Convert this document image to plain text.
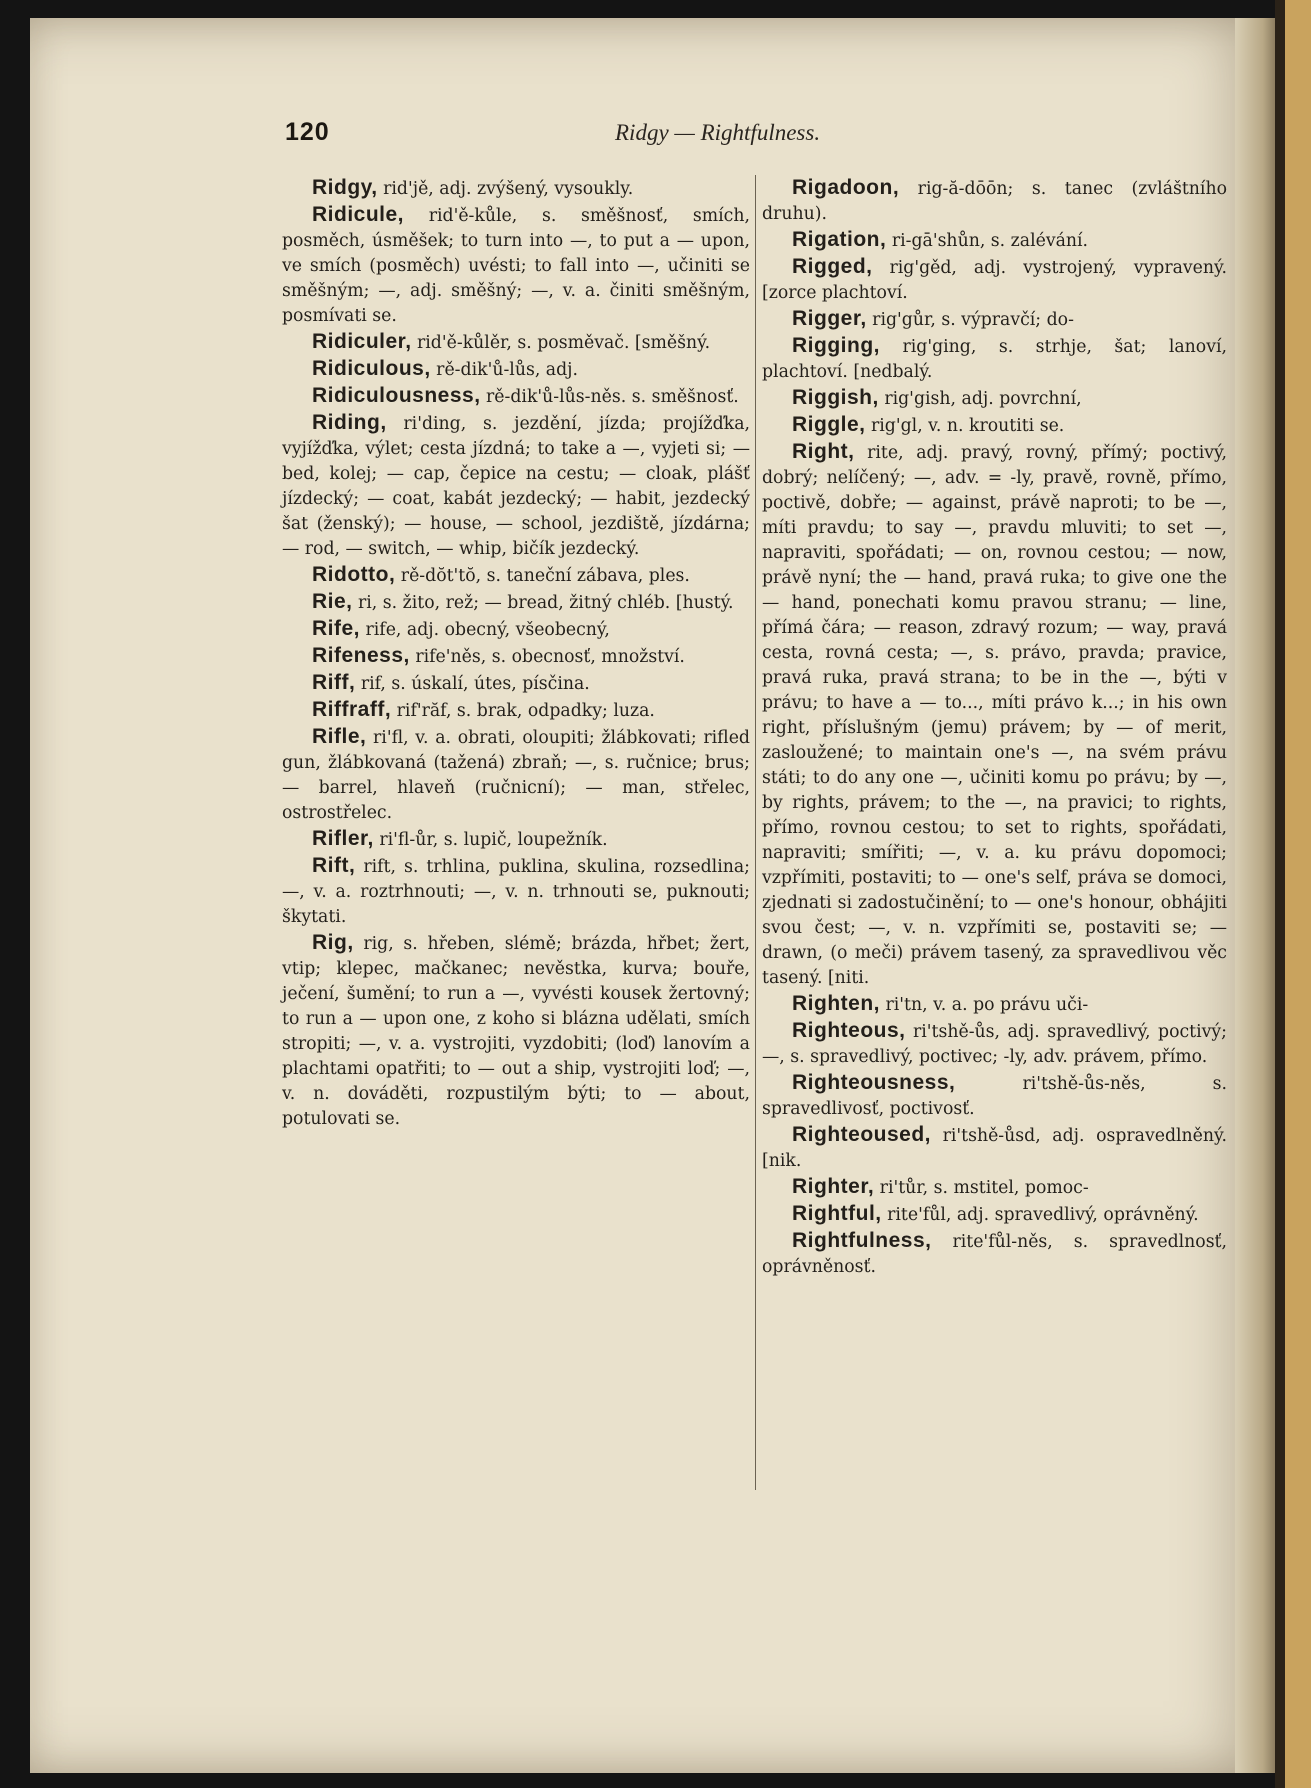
120	Ridgy — Rightfulness.

Ridgy, rid'jě, adj. zvýšený, vysoukly.

Ridicule, rid'ě-kůle, s. směšnosť, smích, posměch, úsměšek; to turn into —, to put a — upon, ve smích (posměch) uvésti; to fall into —, učiniti se směšným; —, adj. směšný; —, v. a. činiti směšným, posmívati se.

Ridiculer, rid'ě-kůlěr, s. posměvač. [směšný.

Ridiculous, rě-dik'ů-lůs, adj.

Ridiculousness, rě-dik'ů-lůs-něs. s. směšnosť.

Riding, ri'ding, s. jezdění, jízda; projížďka, vyjížďka, výlet; cesta jízdná; to take a —, vyjeti si; — bed, kolej; — cap, čepice na cestu; — cloak, plášť jízdecký; — coat, kabát jezdecký; — habit, jezdecký šat (ženský); — house, — school, jezdiště, jízdárna; — rod, — switch, — whip, bičík jezdecký.

Ridotto, rě-dŏt'tŏ, s. taneční zábava, ples.

Rie, ri, s. žito, rež; — bread, žitný chléb. [hustý.

Rife, rife, adj. obecný, všeobecný,

Rifeness, rife'něs, s. obecnosť, množství.

Riff, rif, s. úskalí, útes, písčina.

Riffraff, rif'răf, s. brak, odpadky; luza.

Rifle, ri'fl, v. a. obrati, oloupiti; žlábkovati; rifled gun, žlábkovaná (tažená) zbraň; —, s. ručnice; brus; — barrel, hlaveň (ručnicní); — man, střelec, ostrostřelec.

Rifler, ri'fl-ůr, s. lupič, loupežník.

Rift, rift, s. trhlina, puklina, skulina, rozsedlina; —, v. a. roztrhnouti; —, v. n. trhnouti se, puknouti; škytati.

Rig, rig, s. hřeben, slémě; brázda, hřbet; žert, vtip; klepec, mačkanec; nevěstka, kurva; bouře, ječení, šumění; to run a —, vyvésti kousek žertovný; to run a — upon one, z koho si blázna udělati, smích stropiti; —, v. a. vystrojiti, vyzdobiti; (loď) lanovím a plachtami opatřiti; to — out a ship, vystrojiti loď; —, v. n. dováděti, rozpustilým býti; to — about, potulovati se.

Rigadoon, rig-ă-dōōn; s. tanec (zvláštního druhu).

Rigation, ri-gā'shůn, s. zalévání.

Rigged, rig'gěd, adj. vystrojený, vypravený. [zorce plachtoví.

Rigger, rig'gůr, s. výpravčí; do-

Rigging, rig'ging, s. strhje, šat; lanoví, plachtoví. [nedbalý.

Riggish, rig'gish, adj. povrchní,

Riggle, rig'gl, v. n. kroutiti se.

Right, rite, adj. pravý, rovný, přímý; poctivý, dobrý; nelíčený; —, adv. = -ly, pravě, rovně, přímo, poctivě, dobře; — against, právě naproti; to be —, míti pravdu; to say —, pravdu mluviti; to set —, napraviti, spořádati; — on, rovnou cestou; — now, právě nyní; the — hand, pravá ruka; to give one the — hand, ponechati komu pravou stranu; — line, přímá čára; — reason, zdravý rozum; — way, pravá cesta, rovná cesta; —, s. právo, pravda; pravice, pravá ruka, pravá strana; to be in the —, býti v právu; to have a — to..., míti právo k...; in his own right, příslušným (jemu) právem; by — of merit, zasloužené; to maintain one's —, na svém právu státi; to do any one —, učiniti komu po právu; by —, by rights, právem; to the —, na pravici; to rights, přímo, rovnou cestou; to set to rights, spořádati, napraviti; smířiti; —, v. a. ku právu dopomoci; vzpřímiti, postaviti; to — one's self, práva se domoci, zjednati si zadostučinění; to — one's honour, obhájiti svou čest; —, v. n. vzpřímiti se, postaviti se; — drawn, (o meči) právem tasený, za spravedlivou věc tasený. [niti.

Righten, ri'tn, v. a. po právu uči-

Righteous, ri'tshě-ůs, adj. spravedlivý, poctivý; —, s. spravedlivý, poctivec; -ly, adv. právem, přímo.

Righteousness, ri'tshě-ůs-něs, s. spravedlivosť, poctivosť.

Righteoused, ri'tshě-ůsd, adj. ospravedlněný. [nik.

Righter, ri'tůr, s. mstitel, pomoc-

Rightful, rite'fůl, adj. spravedlivý, oprávněný.

Rightfulness, rite'fůl-něs, s. spravedlnosť, oprávněnosť.
